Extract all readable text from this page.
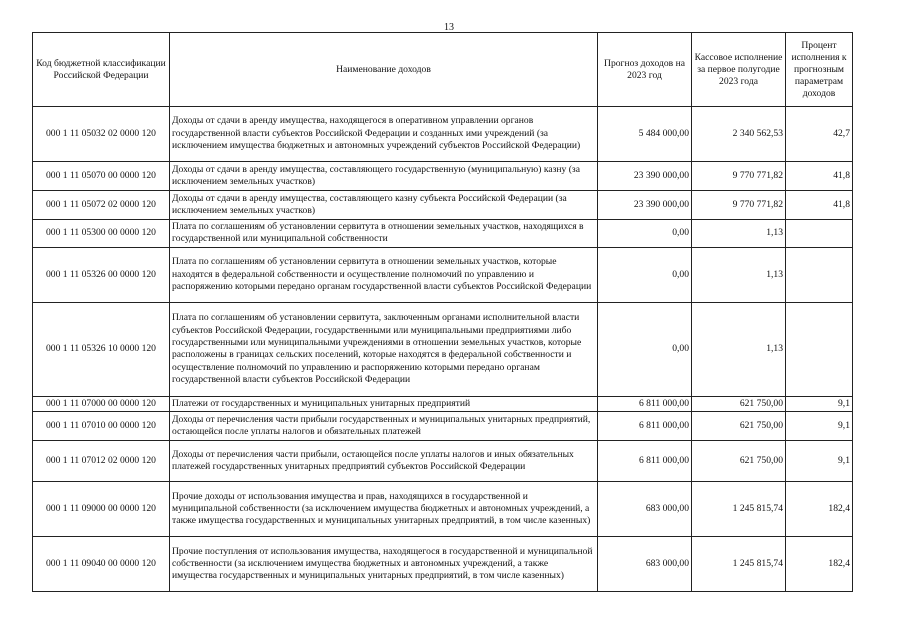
13
Код бюджетной классификации Российской Федерации	Наименование доходов	Прогноз доходов на 2023 год	Кассовое исполнение за первое полугодие 2023 года	Процент исполнения к прогнозным параметрам доходов
000 1 11 05032 02 0000 120	Доходы от сдачи в аренду имущества, находящегося в оперативном управлении органов государственной власти субъектов Российской Федерации и созданных ими учреждений (за исключением имущества бюджетных и автономных учреждений субъектов Российской Федерации)	5 484 000,00	2 340 562,53	42,7
000 1 11 05070 00 0000 120	Доходы от сдачи в аренду имущества, составляющего государственную (муниципальную) казну (за исключением земельных участков)	23 390 000,00	9 770 771,82	41,8
000 1 11 05072 02 0000 120	Доходы от сдачи в аренду имущества, составляющего казну субъекта Российской Федерации (за исключением земельных участков)	23 390 000,00	9 770 771,82	41,8
000 1 11 05300 00 0000 120	Плата по соглашениям об установлении сервитута в отношении земельных участков, находящихся в государственной или муниципальной собственности	0,00	1,13	
000 1 11 05326 00 0000 120	Плата по соглашениям об установлении сервитута в отношении земельных участков, которые находятся в федеральной собственности и осуществление полномочий по управлению и распоряжению которыми передано органам государственной власти субъектов Российской Федерации	0,00	1,13	
000 1 11 05326 10 0000 120	Плата по соглашениям об установлении сервитута, заключенным органами исполнительной власти субъектов Российской Федерации, государственными или муниципальными предприятиями либо государственными или муниципальными учреждениями в отношении земельных участков, которые расположены в границах сельских поселений, которые находятся в федеральной собственности и осуществление полномочий по управлению и распоряжению которыми передано органам государственной власти субъектов Российской Федерации	0,00	1,13	
000 1 11 07000 00 0000 120	Платежи от государственных и муниципальных унитарных предприятий	6 811 000,00	621 750,00	9,1
000 1 11 07010 00 0000 120	Доходы от перечисления части прибыли государственных и муниципальных унитарных предприятий, остающейся после уплаты налогов и обязательных платежей	6 811 000,00	621 750,00	9,1
000 1 11 07012 02 0000 120	Доходы от перечисления части прибыли, остающейся после уплаты налогов и иных обязательных платежей государственных унитарных предприятий субъектов Российской Федерации	6 811 000,00	621 750,00	9,1
000 1 11 09000 00 0000 120	Прочие доходы от использования имущества и прав, находящихся в государственной и муниципальной собственности (за исключением имущества бюджетных и автономных учреждений, а также имущества государственных и муниципальных унитарных предприятий, в том числе казенных)	683 000,00	1 245 815,74	182,4
000 1 11 09040 00 0000 120	Прочие поступления от использования имущества, находящегося в государственной и муниципальной собственности (за исключением имущества бюджетных и автономных учреждений, а также имущества государственных и муниципальных унитарных предприятий, в том числе казенных)	683 000,00	1 245 815,74	182,4
